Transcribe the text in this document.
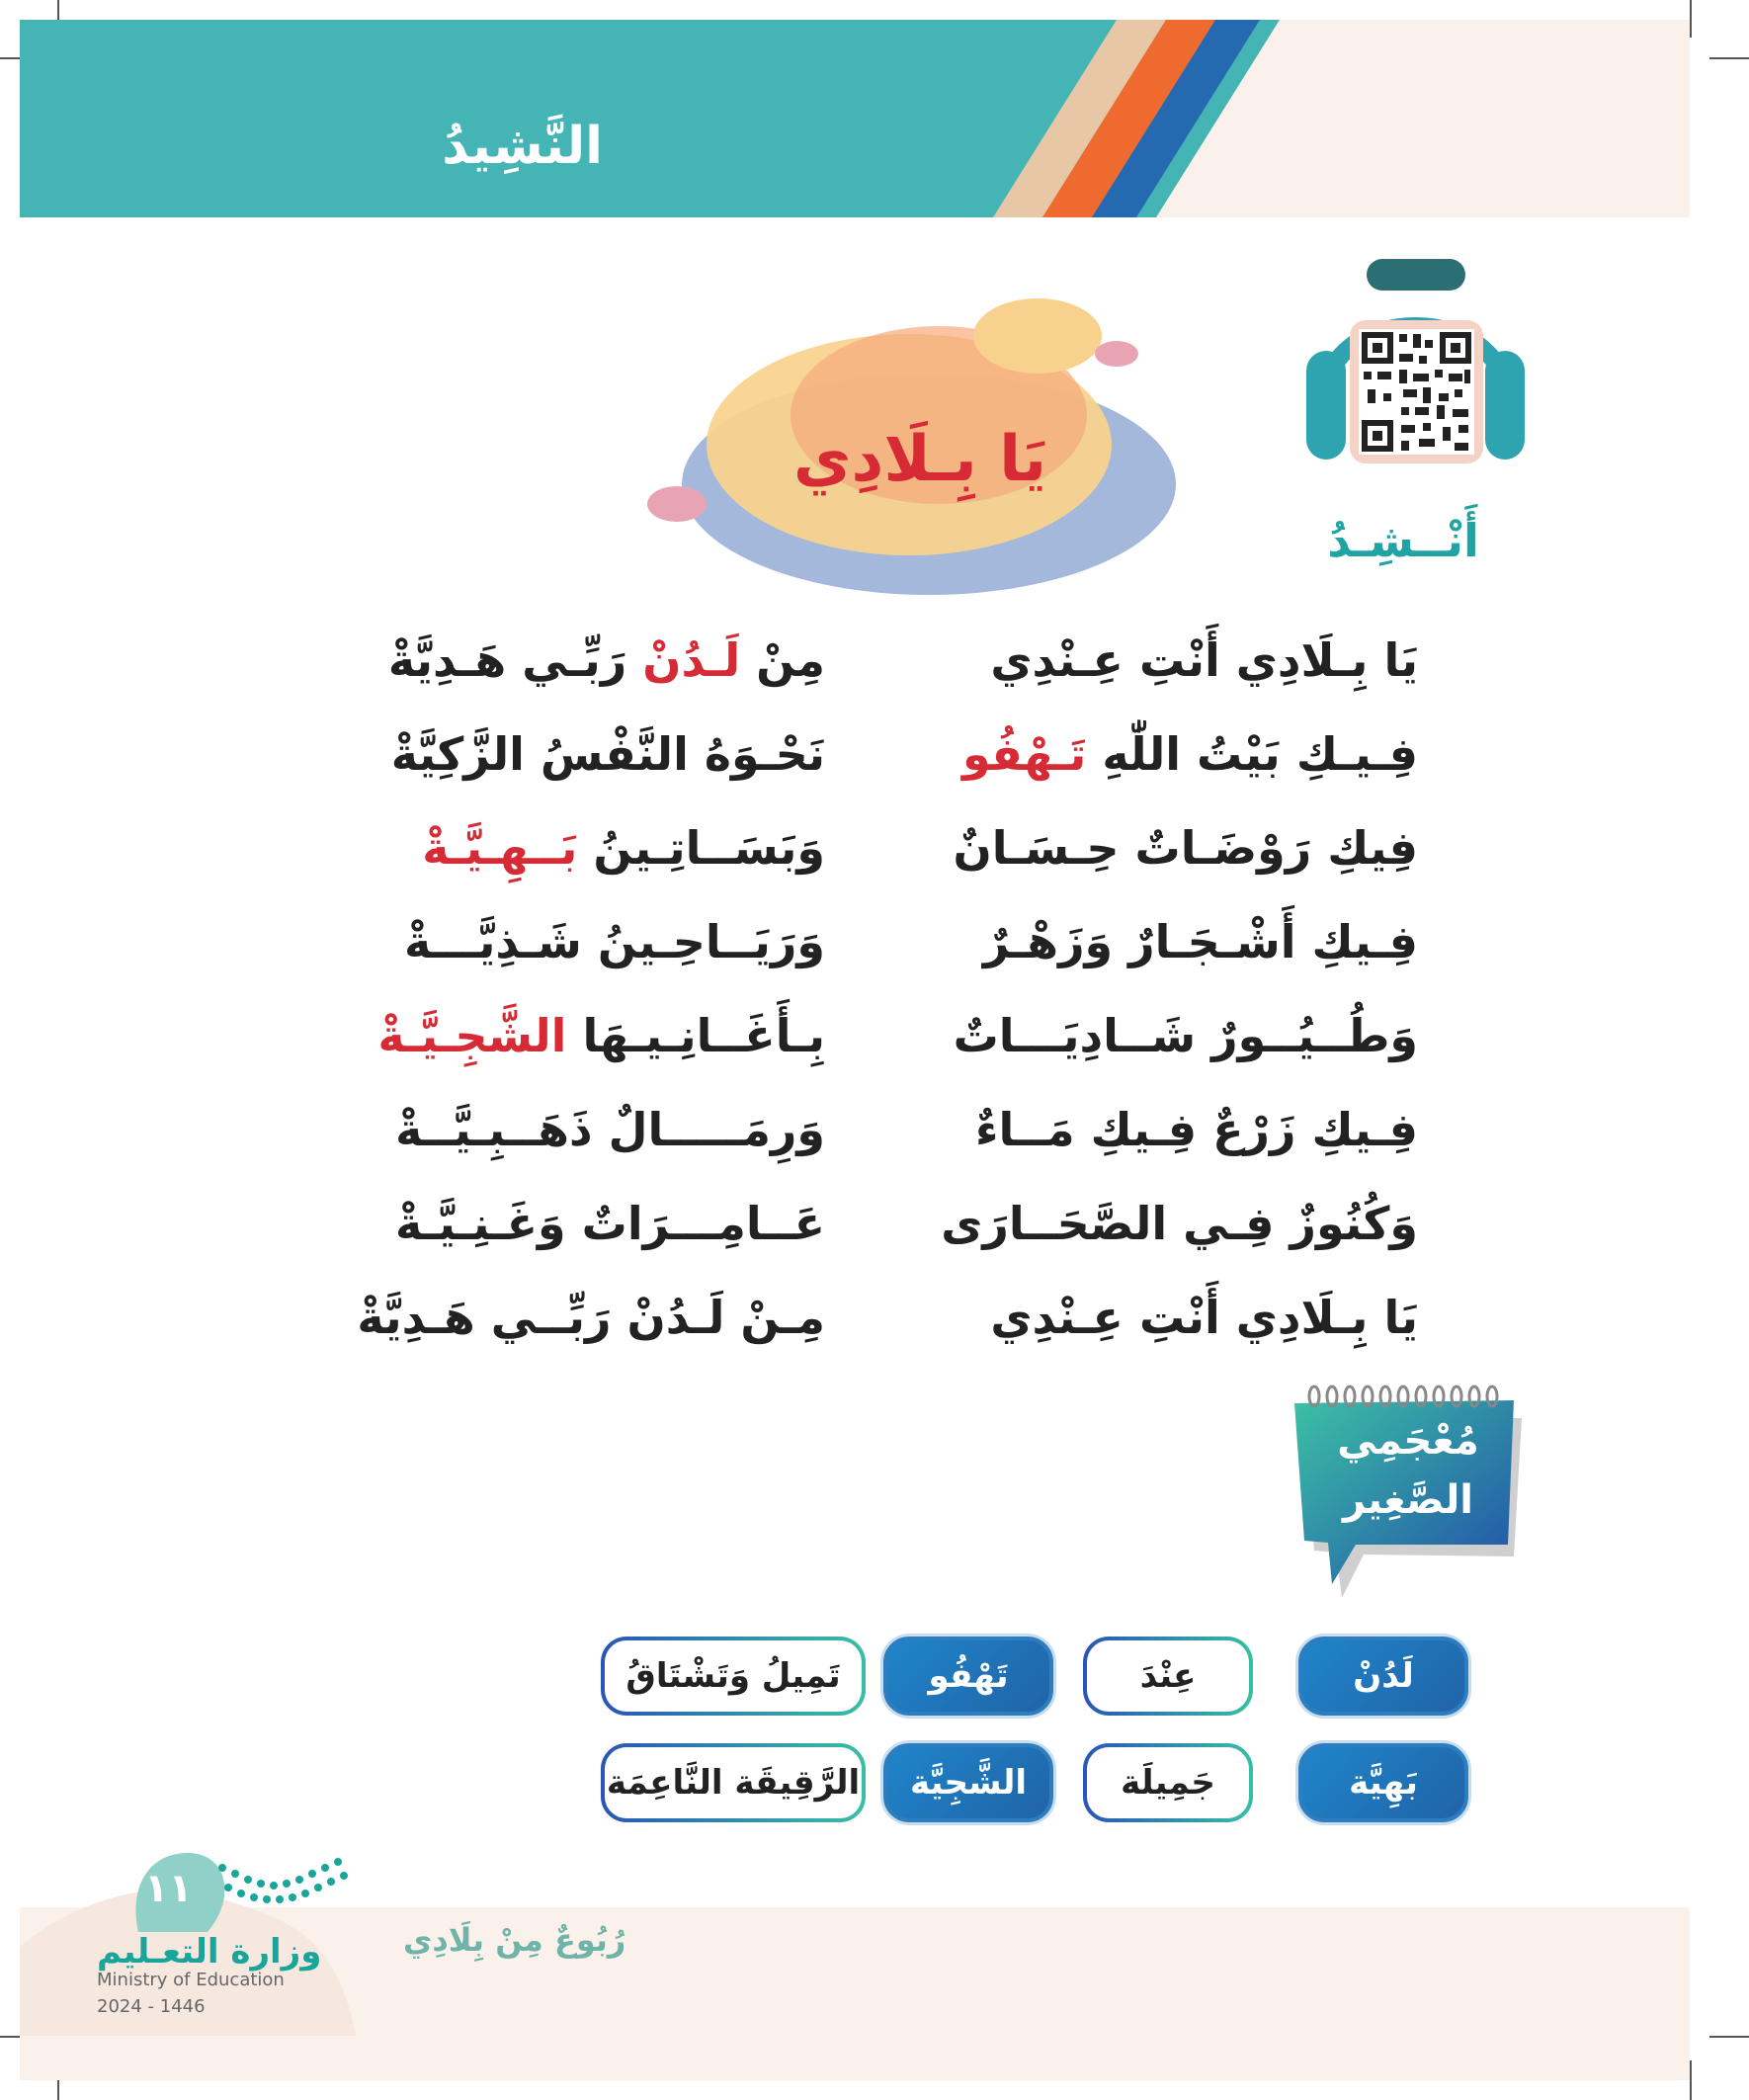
النَّشِيدُ
يَا بِـلَادِي
أَنْــشِـدُ
يَا بِـلَادِي أَنْتِ عِـنْدِي
فِـيـكِ بَيْتُ اللّٰهِ تَـهْفُو
فِيكِ رَوْضَـاتٌ حِـسَـانٌ
فِـيكِ أَشْـجَـارٌ وَزَهْـرٌ
وَطُــيُــورٌ شَــادِيَـــاتٌ
فِـيكِ زَرْعٌ فِـيكِ مَــاءٌ
وَكُنُوزٌ فِـي الصَّحَــارَى
يَا بِـلَادِي أَنْتِ عِـنْدِي
مِنْ لَـدُنْ رَبِّـي هَـدِيَّةْ
نَحْـوَهُ النَّفْسُ الزَّكِيَّةْ
وَبَسَــاتِـينُ بَــهِـيَّـةْ
وَرَيَــاحِـينُ شَـذِيَّـــةْ
بِـأَغَــانِـيـهَا الشَّجِـيَّـةْ
وَرِمَـــــالٌ ذَهَــبِـيَّــةْ
عَــامِـــرَاتٌ وَغَـنِـيَّـةْ
مِـنْ لَـدُنْ رَبِّــي هَـدِيَّةْ
مُعْجَمِي
الصَّغِير
لَدُنْ
عِنْدَ
تَهْفُو
تَمِيلُ وَتَشْتَاقُ
بَهِيَّة
جَمِيلَة
الشَّجِيَّة
الرَّقِيقَة النَّاعِمَة
١١
وزارة التعـليم
Ministry of Education
2024 - 1446
رُبُوعٌ مِنْ بِلَادِي
